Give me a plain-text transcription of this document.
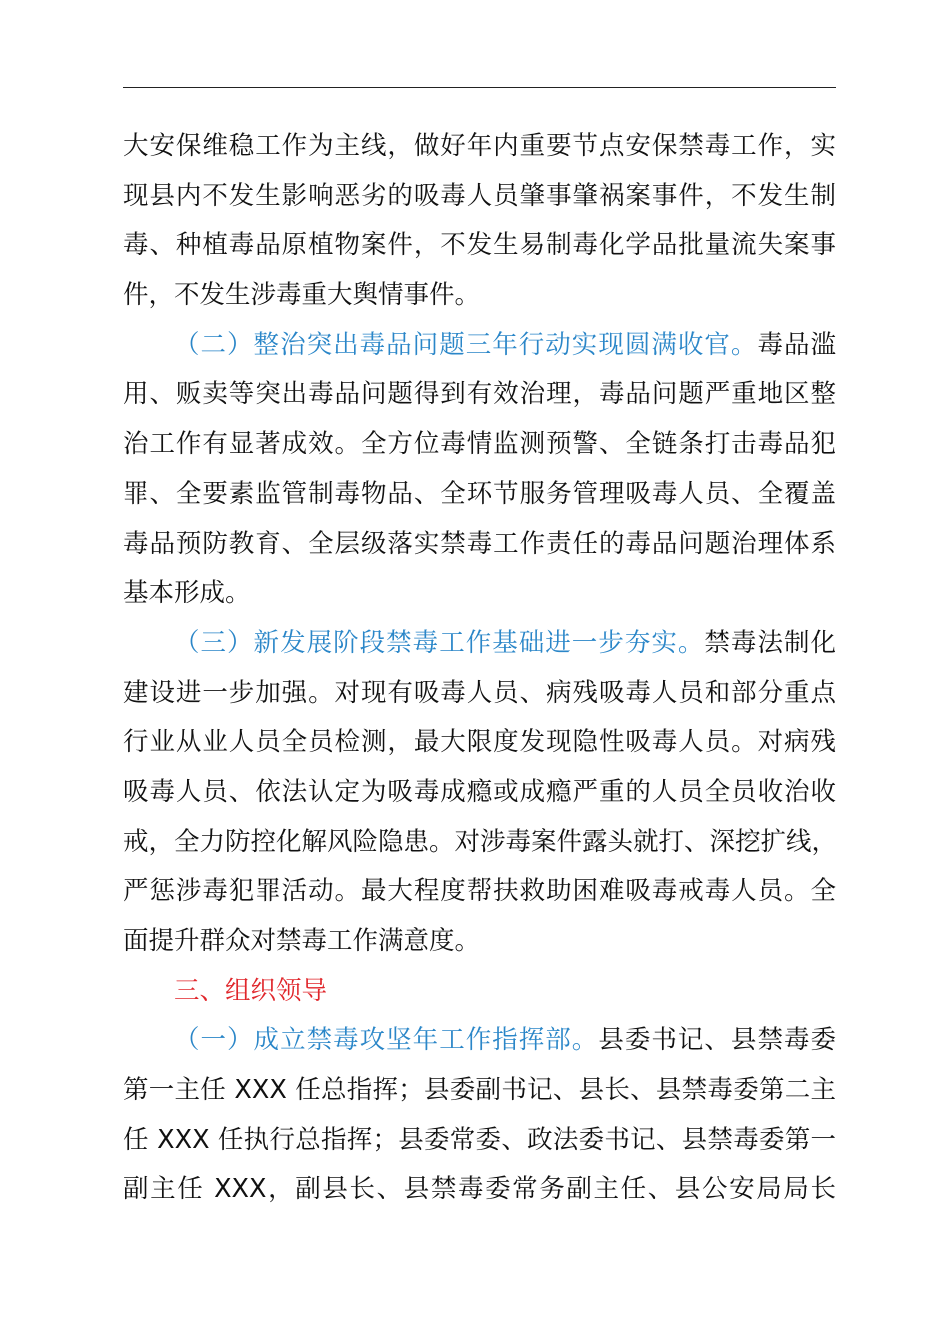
大安保维稳工作为主线，做好年内重要节点安保禁毒工作，实
现县内不发生影响恶劣的吸毒人员肇事肇祸案事件，不发生制
毒、种植毒品原植物案件，不发生易制毒化学品批量流失案事
件，不发生涉毒重大舆情事件。
（二）整治突出毒品问题三年行动实现圆满收官。毒品滥
用、贩卖等突出毒品问题得到有效治理，毒品问题严重地区整
治工作有显著成效。全方位毒情监测预警、全链条打击毒品犯
罪、全要素监管制毒物品、全环节服务管理吸毒人员、全覆盖
毒品预防教育、全层级落实禁毒工作责任的毒品问题治理体系
基本形成。
（三）新发展阶段禁毒工作基础进一步夯实。禁毒法制化
建设进一步加强。对现有吸毒人员、病残吸毒人员和部分重点
行业从业人员全员检测，最大限度发现隐性吸毒人员。对病残
吸毒人员、依法认定为吸毒成瘾或成瘾严重的人员全员收治收
戒，全力防控化解风险隐患。对涉毒案件露头就打、深挖扩线，
严惩涉毒犯罪活动。最大程度帮扶救助困难吸毒戒毒人员。全
面提升群众对禁毒工作满意度。
三、组织领导
（一）成立禁毒攻坚年工作指挥部。县委书记、县禁毒委
第一主任 XXX 任总指挥；县委副书记、县长、县禁毒委第二主
任 XXX 任执行总指挥；县委常委、政法委书记、县禁毒委第一
副主任 XXX，副县长、县禁毒委常务副主任、县公安局局长
